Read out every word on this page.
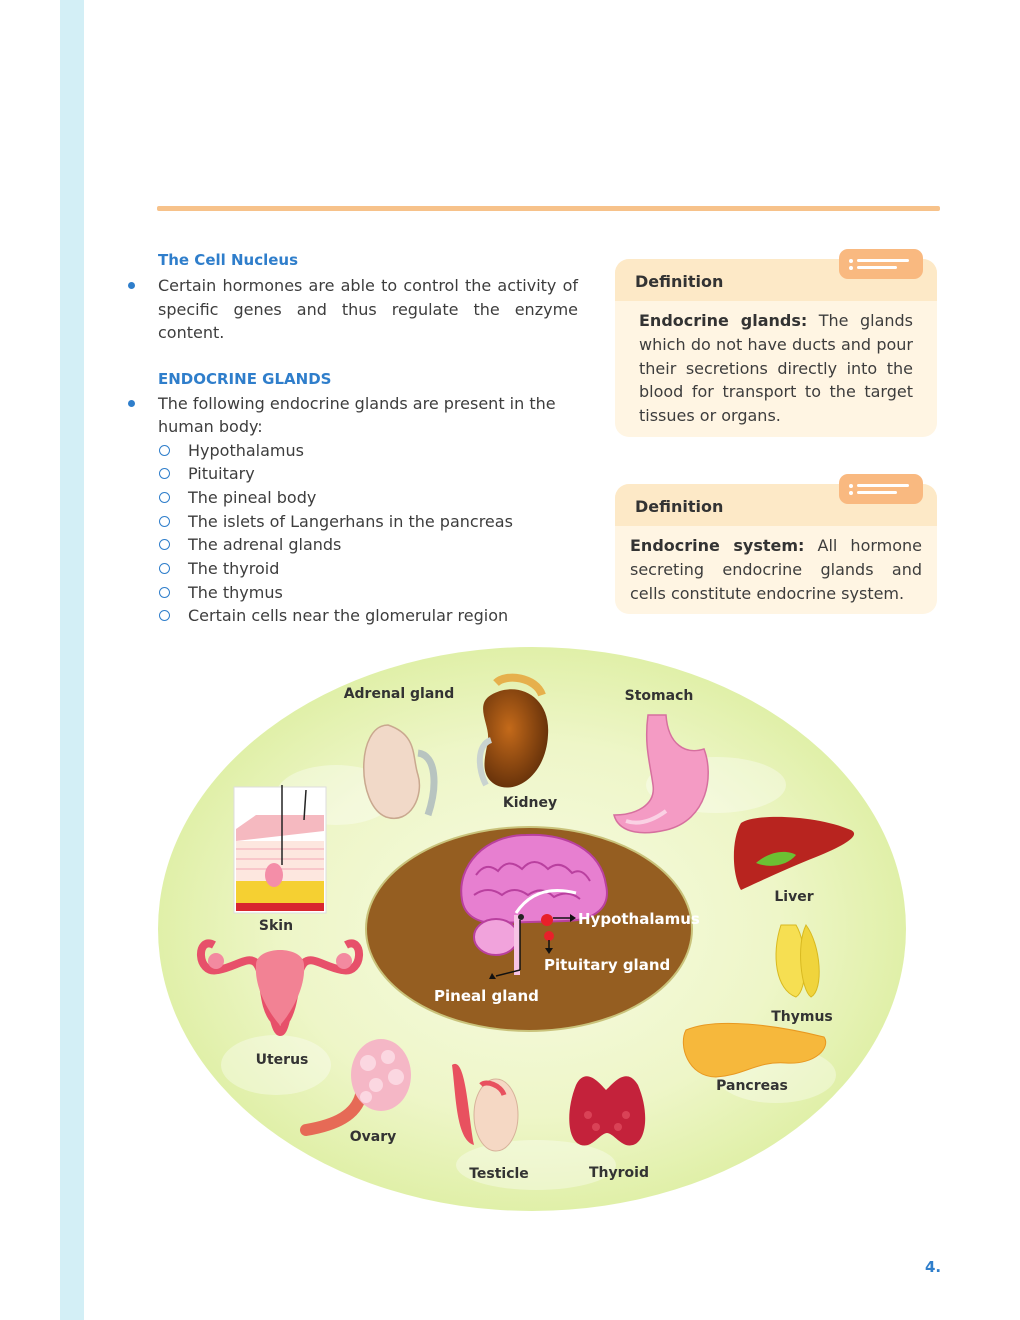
The Cell Nucleus
Certain hormones are able to control the activity of specific genes and thus regulate the enzyme content.
ENDOCRINE GLANDS
The following endocrine glands are present in the human body:
Hypothalamus
Pituitary
The pineal body
The islets of Langerhans in the pancreas
The adrenal glands
The thyroid
The thymus
Certain cells near the glomerular region
Definition
Endocrine glands: The glands which do not have ducts and pour their secretions directly into the blood for transport to the target tissues or organs.
Definition
Endocrine system: All hormone secreting endocrine glands and cells constitute endocrine system.
Adrenal gland
Kidney
Stomach
Skin
Liver
Thymus
Uterus
Pancreas
Ovary
Testicle	Thyroid
Hypothalamus
Pituitary gland
Pineal gland
4.
